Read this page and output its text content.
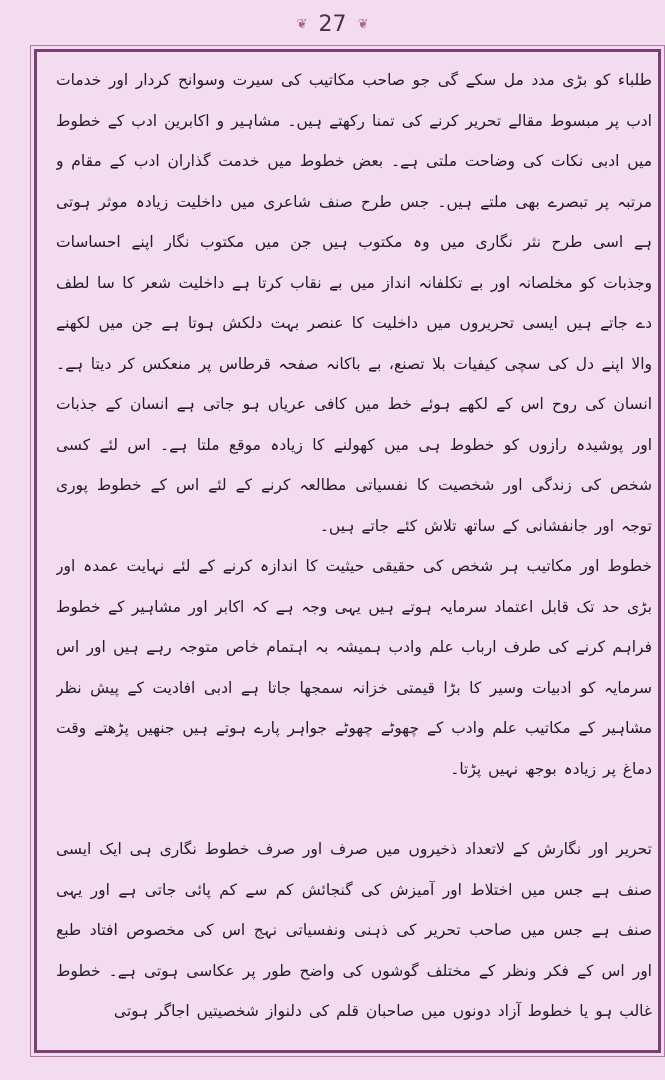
❦ 27 ❦

طلباء کو بڑی مدد مل سکے گی جو صاحب مکاتیب کی سیرت وسوانح کردار اور خدمات ادب پر مبسوط مقالے تحریر کرنے کی تمنا رکھتے ہیں۔ مشاہیر و اکابرین ادب کے خطوط میں ادبی نکات کی وضاحت ملتی ہے۔ بعض خطوط میں خدمت گذاران ادب کے مقام و مرتبہ پر تبصرے بھی ملتے ہیں۔ جس طرح صنف شاعری میں داخلیت زیادہ موثر ہوتی ہے اسی طرح نثر نگاری میں وہ مکتوب ہیں جن میں مکتوب نگار اپنے احساسات وجذبات کو مخلصانہ اور بے تکلفانہ انداز میں بے نقاب کرتا ہے داخلیت شعر کا سا لطف دے جاتے ہیں ایسی تحریروں میں داخلیت کا عنصر بہت دلکش ہوتا ہے جن میں لکھنے والا اپنے دل کی سچی کیفیات بلا تصنع، بے باکانہ صفحہ قرطاس پر منعکس کر دیتا ہے۔ انسان کی روح اس کے لکھے ہوئے خط میں کافی عریاں ہو جاتی ہے انسان کے جذبات اور پوشیدہ رازوں کو خطوط ہی میں کھولنے کا زیادہ موقع ملتا ہے۔ اس لئے کسی شخص کی زندگی اور شخصیت کا نفسیاتی مطالعہ کرنے کے لئے اس کے خطوط پوری توجہ اور جانفشانی کے ساتھ تلاش کئے جاتے ہیں۔

خطوط اور مکاتیب ہر شخص کی حقیقی حیثیت کا اندازہ کرنے کے لئے نہایت عمدہ اور بڑی حد تک قابل اعتماد سرمایہ ہوتے ہیں یہی وجہ ہے کہ اکابر اور مشاہیر کے خطوط فراہم کرنے کی طرف ارباب علم وادب ہمیشہ بہ اہتمام خاص متوجہ رہے ہیں اور اس سرمایہ کو ادبیات وسیر کا بڑا قیمتی خزانہ سمجھا جاتا ہے ادبی افادیت کے پیش نظر مشاہیر کے مکاتیب علم وادب کے چھوٹے چھوٹے جواہر پارے ہوتے ہیں جنھیں پڑھتے وقت دماغ پر زیادہ بوجھ نہیں پڑتا۔

تحریر اور نگارش کے لاتعداد ذخیروں میں صرف اور صرف خطوط نگاری ہی ایک ایسی صنف ہے جس میں اختلاط اور آمیزش کی گنجائش کم سے کم پائی جاتی ہے اور یہی صنف ہے جس میں صاحب تحریر کی ذہنی ونفسیاتی نہج اس کی مخصوص افتاد طبع اور اس کے فکر ونظر کے مختلف گوشوں کی واضح طور پر عکاسی ہوتی ہے۔ خطوط غالب ہو یا خطوط آزاد دونوں میں صاحبان قلم کی دلنواز شخصیتیں اجاگر ہوتی
